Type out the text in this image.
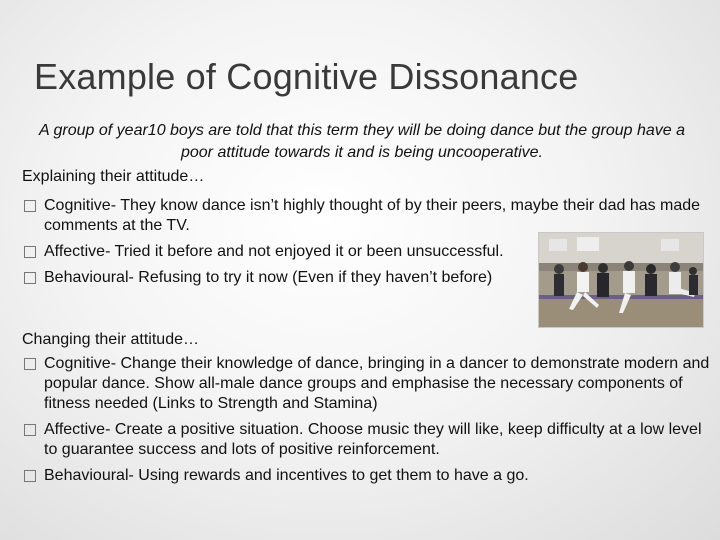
Example of Cognitive Dissonance
A group of year10 boys are told that this term they will be doing dance but the group have a poor attitude towards it and is being uncooperative.
Explaining their attitude…
Cognitive- They know dance isn’t highly thought of by their peers, maybe their dad has made comments at the TV.
Affective- Tried it before and not enjoyed it or been unsuccessful.
Behavioural- Refusing to try it now (Even if they haven’t before)
Changing their attitude…
Cognitive- Change their knowledge of dance, bringing in a dancer to demonstrate modern and popular dance. Show all-male dance groups and emphasise the necessary components of fitness needed (Links to Strength and Stamina)
Affective- Create a positive situation. Choose music they will like, keep difficulty at a low level to guarantee success and lots of positive reinforcement.
Behavioural- Using rewards and incentives to get them to have a go.
